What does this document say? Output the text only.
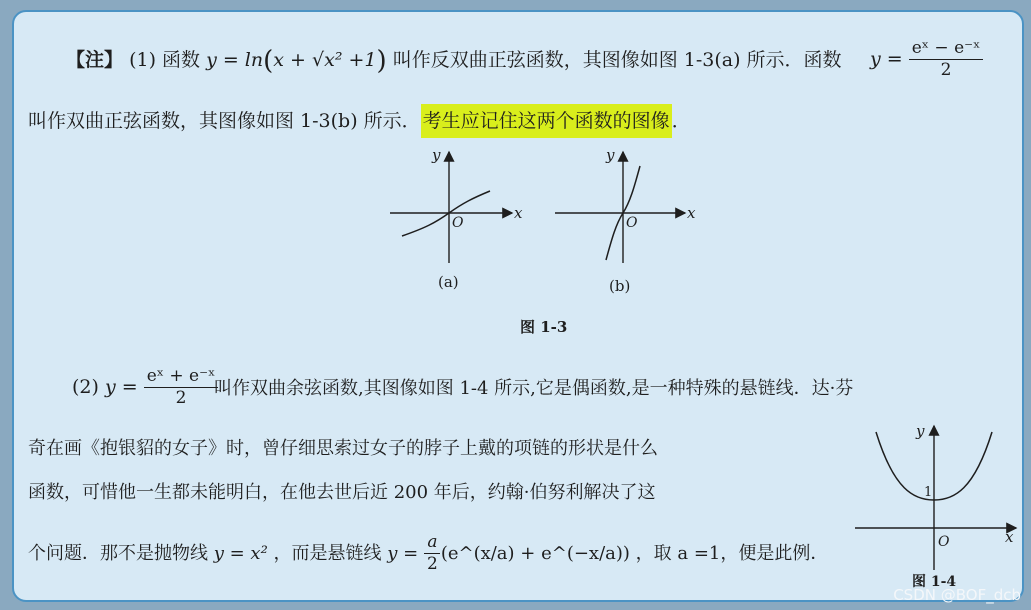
【注】 (1) 函数 y = ln(x + √x² +1) 叫作反双曲正弦函数，其图像如图 1-3(a) 所示．函数 $y = \frac{\text{eˣ − e⁻ˣ}}{2}$
叫作双曲正弦函数，其图像如图 1-3(b) 所示． 考生应记住这两个函数的图像 ．
x
y
O
(a)
x
y
O
(b)
图 1-3
(2) $y = \frac{\text{eˣ + e⁻ˣ}}{2}$
叫作双曲余弦函数,其图像如图 1-4 所示,它是偶函数,是一种特殊的悬链线．达·芬
奇在画《抱银貂的女子》时，曾仔细思索过女子的脖子上戴的项链的形状是什么
函数，可惜他一生都未能明白，在他去世后近 200 年后，约翰·伯努利解决了这
个问题．那不是抛物线 y = x² ，而是悬链线 $y = \frac{a}{2}$ (e^(x/a) + e^(−x/a)) ，取 a =1，便是此例．
x
y
O
1
图 1-4
CSDN @BOF_dcb
